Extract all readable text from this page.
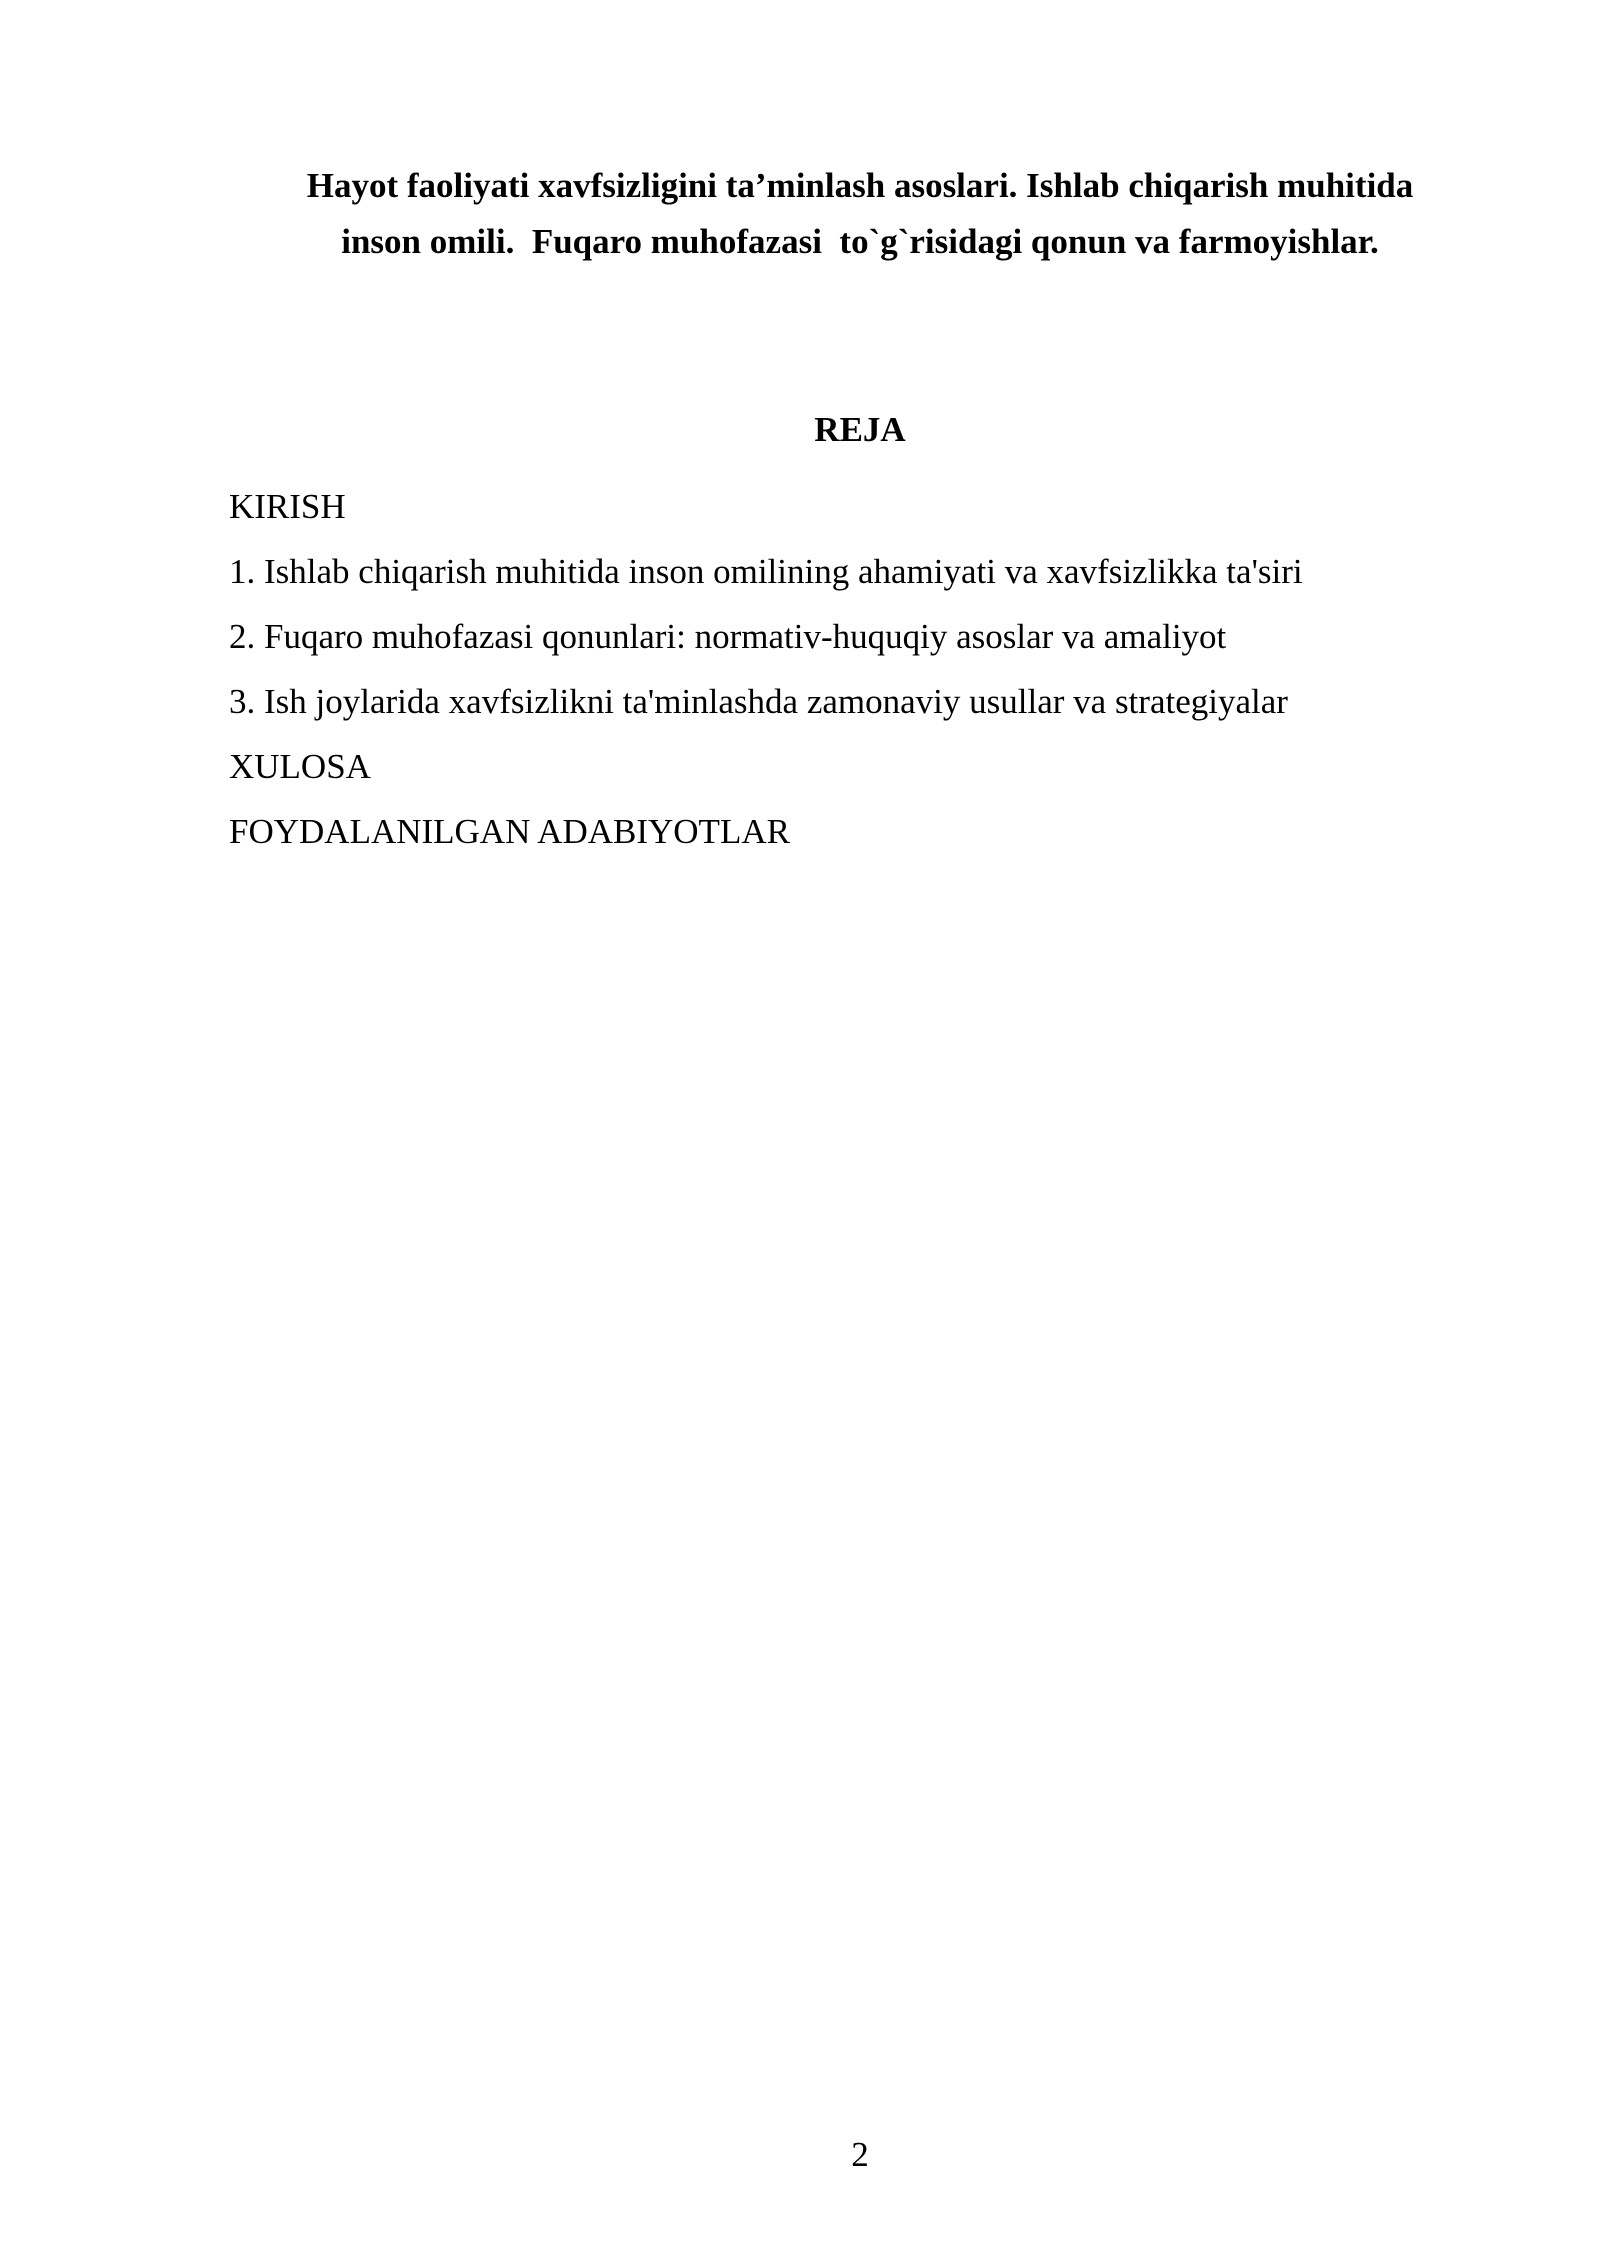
Hayot faoliyati xavfsizligini ta’minlash asoslari. Ishlab chiqarish muhitida
inson omili.  Fuqaro muhofazasi  to`g`risidagi qonun va farmoyishlar.
REJA
KIRISH
1. Ishlab chiqarish muhitida inson omilining ahamiyati va xavfsizlikka ta'siri
2. Fuqaro muhofazasi qonunlari: normativ-huquqiy asoslar va amaliyot
3. Ish joylarida xavfsizlikni ta'minlashda zamonaviy usullar va strategiyalar
XULOSA
FOYDALANILGAN ADABIYOTLAR
2
